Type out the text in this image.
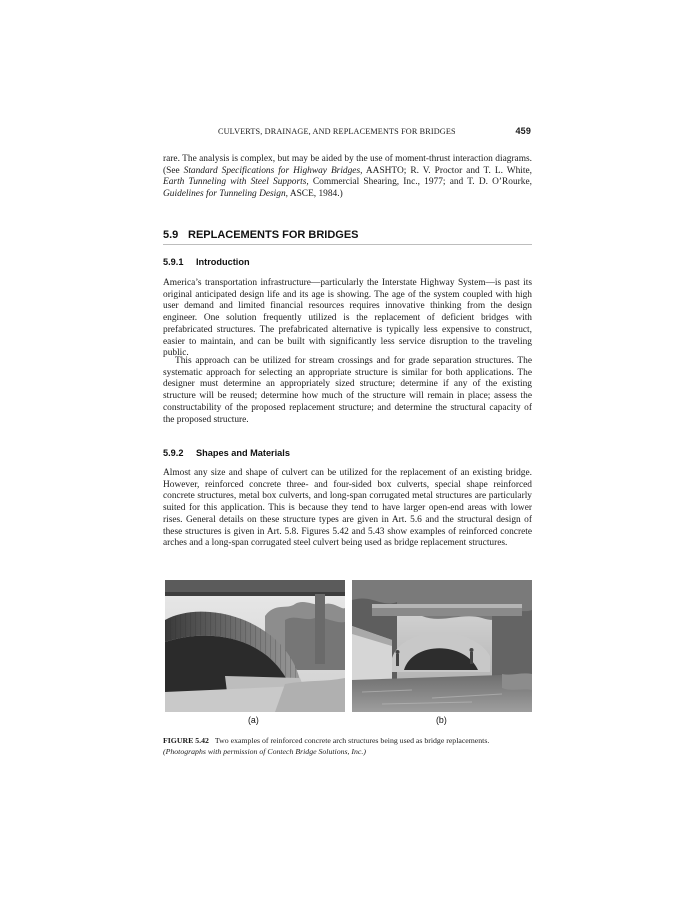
CULVERTS, DRAINAGE, AND REPLACEMENTS FOR BRIDGES	459

rare. The analysis is complex, but may be aided by the use of moment-thrust interaction diagrams. (See Standard Specifications for Highway Bridges, AASHTO; R. V. Proctor and T. L. White, Earth Tunneling with Steel Supports, Commercial Shearing, Inc., 1977; and T. D. O’Rourke, Guidelines for Tunneling Design, ASCE, 1984.)

5.9 REPLACEMENTS FOR BRIDGES
5.9.1 Introduction

America’s transportation infrastructure—particularly the Interstate Highway System—is past its original anticipated design life and its age is showing. The age of the system coupled with high user demand and limited financial resources requires innovative thinking from the design engineer. One solution frequently utilized is the replacement of deficient bridges with prefabricated structures. The prefabricated alternative is typically less expensive to construct, easier to maintain, and can be built with significantly less service disruption to the traveling public.

This approach can be utilized for stream crossings and for grade separation structures. The systematic approach for selecting an appropriate structure is similar for both applications. The designer must determine an appropriately sized structure; determine if any of the existing structure will be reused; determine how much of the structure will remain in place; assess the constructability of the proposed replacement structure; and determine the structural capacity of the proposed structure.

5.9.2 Shapes and Materials

Almost any size and shape of culvert can be utilized for the replacement of an existing bridge. However, reinforced concrete three- and four-sided box culverts, special shape reinforced concrete structures, metal box culverts, and long-span corrugated metal structures are particularly suited for this application. This is because they tend to have larger open-end areas with lower rises. General details on these structure types are given in Art. 5.6 and the structural design of these structures is given in Art. 5.8. Figures 5.42 and 5.43 show examples of reinforced concrete arches and a long-span corrugated steel culvert being used as bridge replacement structures.

(a)	(b)
FIGURE 5.42 Two examples of reinforced concrete arch structures being used as bridge replacements.
(Photographs with permission of Contech Bridge Solutions, Inc.)
